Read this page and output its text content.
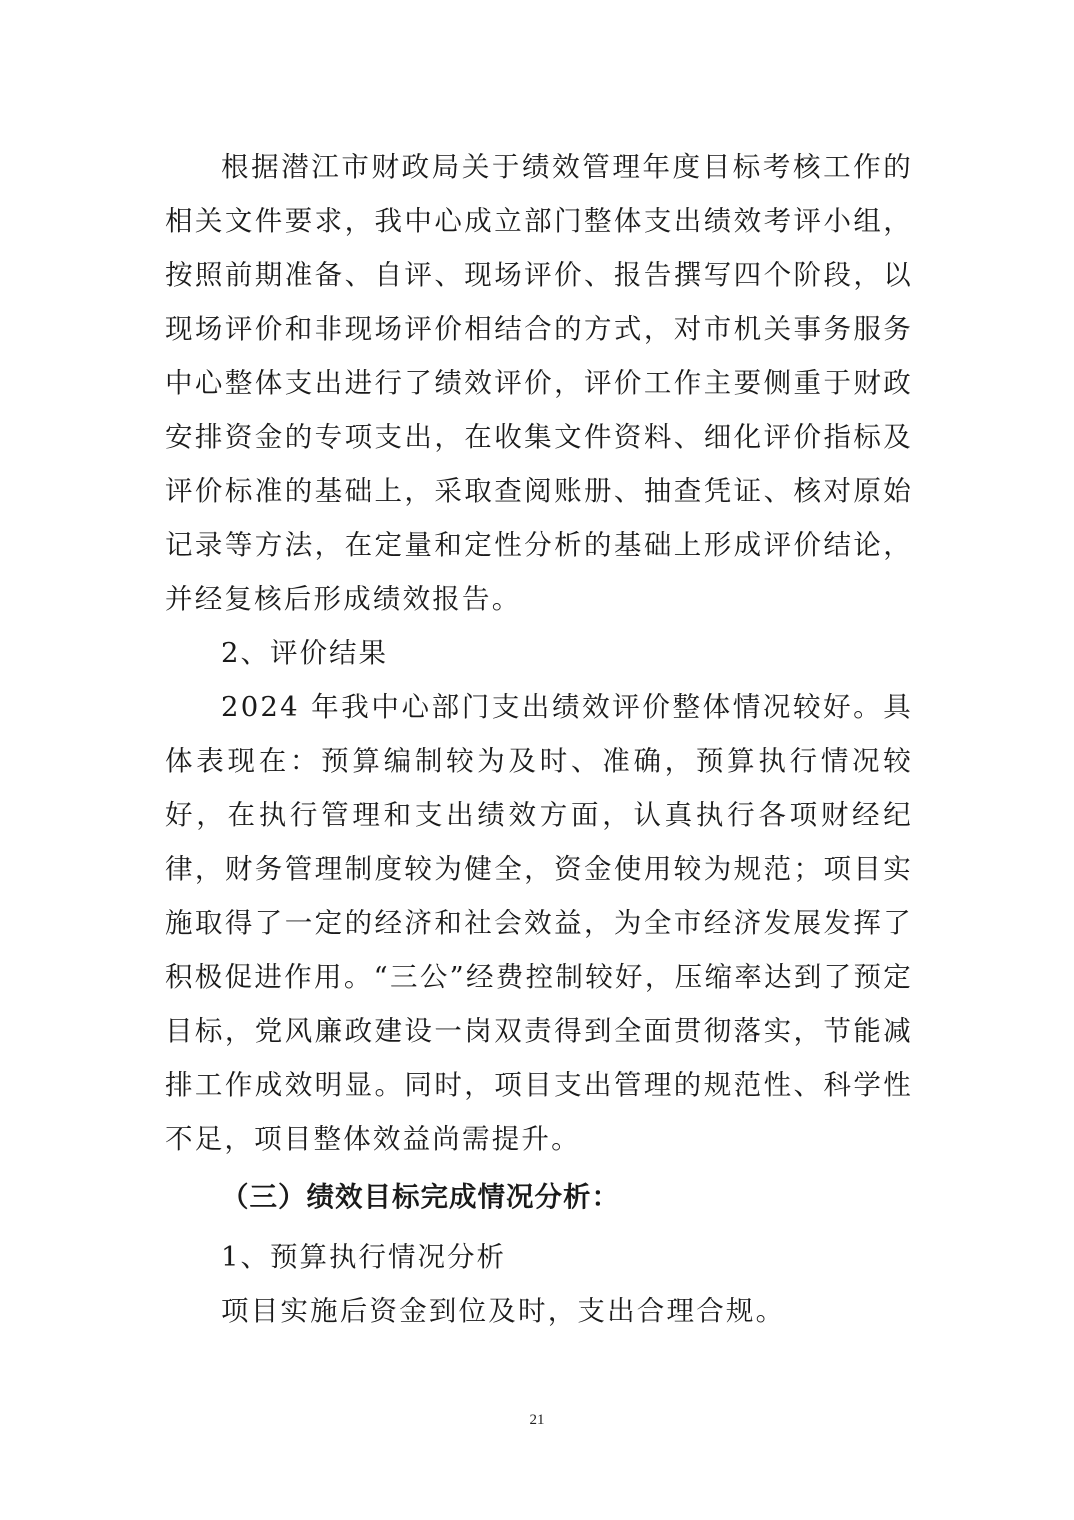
根据潜江市财政局关于绩效管理年度目标考核工作的相关文件要求，我中心成立部门整体支出绩效考评小组，按照前期准备、自评、现场评价、报告撰写四个阶段，以现场评价和非现场评价相结合的方式，对市机关事务服务中心整体支出进行了绩效评价，评价工作主要侧重于财政安排资金的专项支出，在收集文件资料、细化评价指标及评价标准的基础上，采取查阅账册、抽查凭证、核对原始记录等方法，在定量和定性分析的基础上形成评价结论，并经复核后形成绩效报告。

2、评价结果

2024 年我中心部门支出绩效评价整体情况较好。具体表现在：预算编制较为及时、准确，预算执行情况较好，在执行管理和支出绩效方面，认真执行各项财经纪律，财务管理制度较为健全，资金使用较为规范；项目实施取得了一定的经济和社会效益，为全市经济发展发挥了积极促进作用。“三公”经费控制较好，压缩率达到了预定目标，党风廉政建设一岗双责得到全面贯彻落实，节能减排工作成效明显。同时，项目支出管理的规范性、科学性不足，项目整体效益尚需提升。

（三）绩效目标完成情况分析：

1、预算执行情况分析

项目实施后资金到位及时，支出合理合规。

21
